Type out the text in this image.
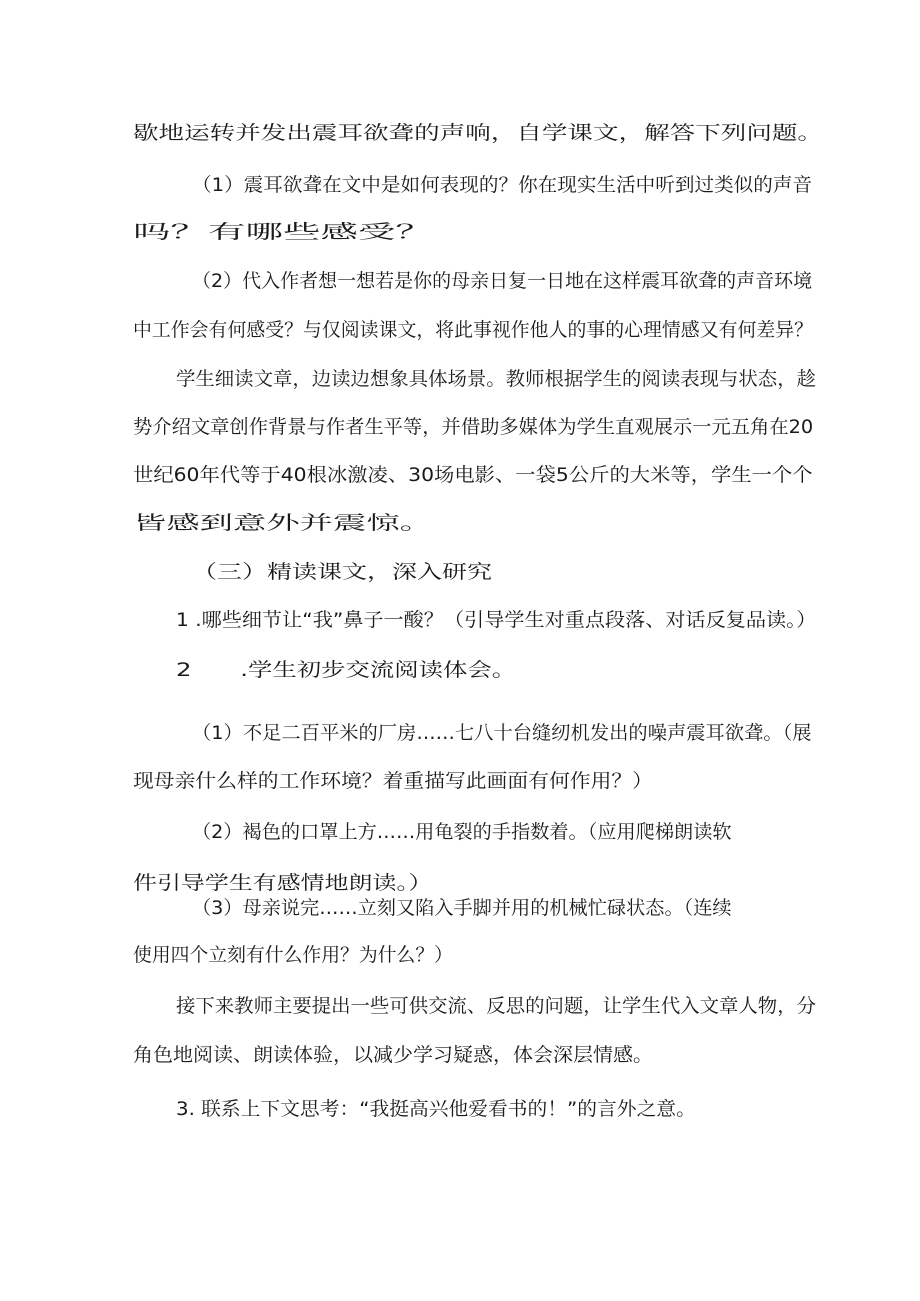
歇地运转并发出震耳欲聋的声响，自学课文，解答下列问题。
（1）震耳欲聋在文中是如何表现的？你在现实生活中听到过类似的声音
吗？有哪些感受？
（2）代入作者想一想若是你的母亲日复一日地在这样震耳欲聋的声音环境
中工作会有何感受？与仅阅读课文，将此事视作他人的事的心理情感又有何差异？
学生细读文章，边读边想象具体场景。教师根据学生的阅读表现与状态，趁
势介绍文章创作背景与作者生平等，并借助多媒体为学生直观展示一元五角在20
世纪60年代等于40根冰激凌、30场电影、一袋5公斤的大米等，学生一个个
皆感到意外并震惊。
（三）精读课文，深入研究
1 .哪些细节让“我”鼻子一酸？（引导学生对重点段落、对话反复品读。）
2　　.学生初步交流阅读体会。
（1）不足二百平米的厂房……七八十台缝纫机发出的噪声震耳欲聋。（展
现母亲什么样的工作环境？着重描写此画面有何作用？）
（2）褐色的口罩上方……用龟裂的手指数着。（应用爬梯朗读软
件引导学生有感情地朗读。）
（3）母亲说完……立刻又陷入手脚并用的机械忙碌状态。（连续
使用四个立刻有什么作用？为什么？）
接下来教师主要提出一些可供交流、反思的问题，让学生代入文章人物，分
角色地阅读、朗读体验，以减少学习疑惑，体会深层情感。
3. 联系上下文思考：“我挺高兴他爱看书的！”的言外之意。
